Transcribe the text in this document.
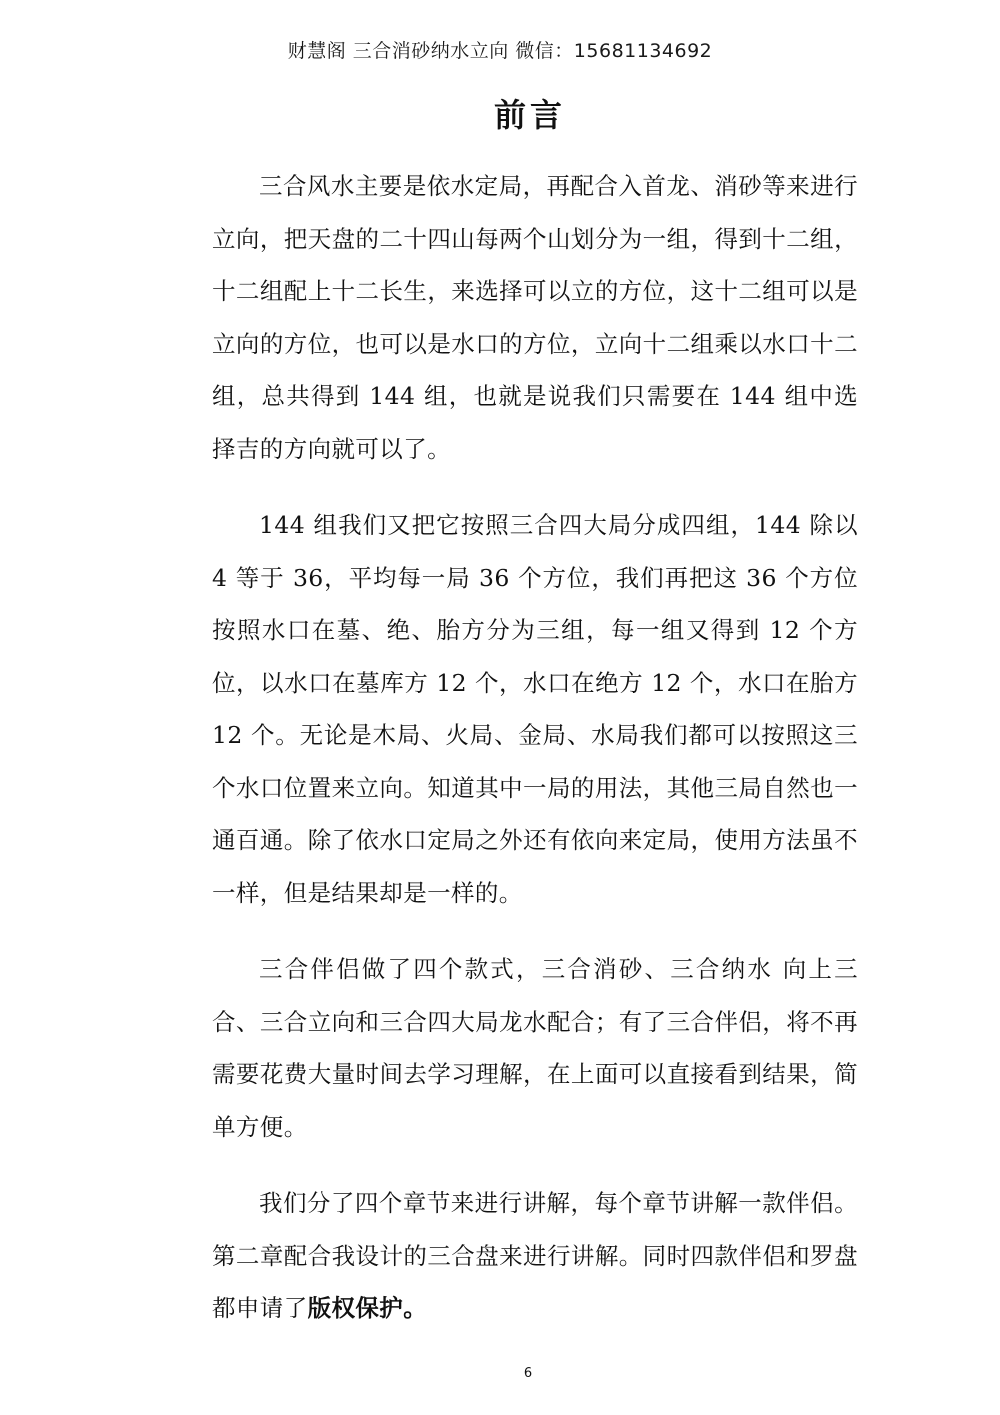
财慧阁 三合消砂纳水立向 微信：15681134692
前言

三合风水主要是依水定局，再配合入首龙、消砂等来进行立向，把天盘的二十四山每两个山划分为一组，得到十二组，十二组配上十二长生，来选择可以立的方位，这十二组可以是立向的方位，也可以是水口的方位，立向十二组乘以水口十二组，总共得到 144 组，也就是说我们只需要在 144 组中选择吉的方向就可以了。

144 组我们又把它按照三合四大局分成四组，144 除以 4 等于 36，平均每一局 36 个方位，我们再把这 36 个方位按照水口在墓、绝、胎方分为三组，每一组又得到 12 个方位，以水口在墓库方 12 个，水口在绝方 12 个，水口在胎方 12 个。无论是木局、火局、金局、水局我们都可以按照这三个水口位置来立向。知道其中一局的用法，其他三局自然也一通百通。除了依水口定局之外还有依向来定局，使用方法虽不一样，但是结果却是一样的。

三合伴侣做了四个款式，三合消砂、三合纳水 向上三合、三合立向和三合四大局龙水配合；有了三合伴侣，将不再需要花费大量时间去学习理解，在上面可以直接看到结果，简单方便。

我们分了四个章节来进行讲解，每个章节讲解一款伴侣。第二章配合我设计的三合盘来进行讲解。同时四款伴侣和罗盘都申请了版权保护。

6
